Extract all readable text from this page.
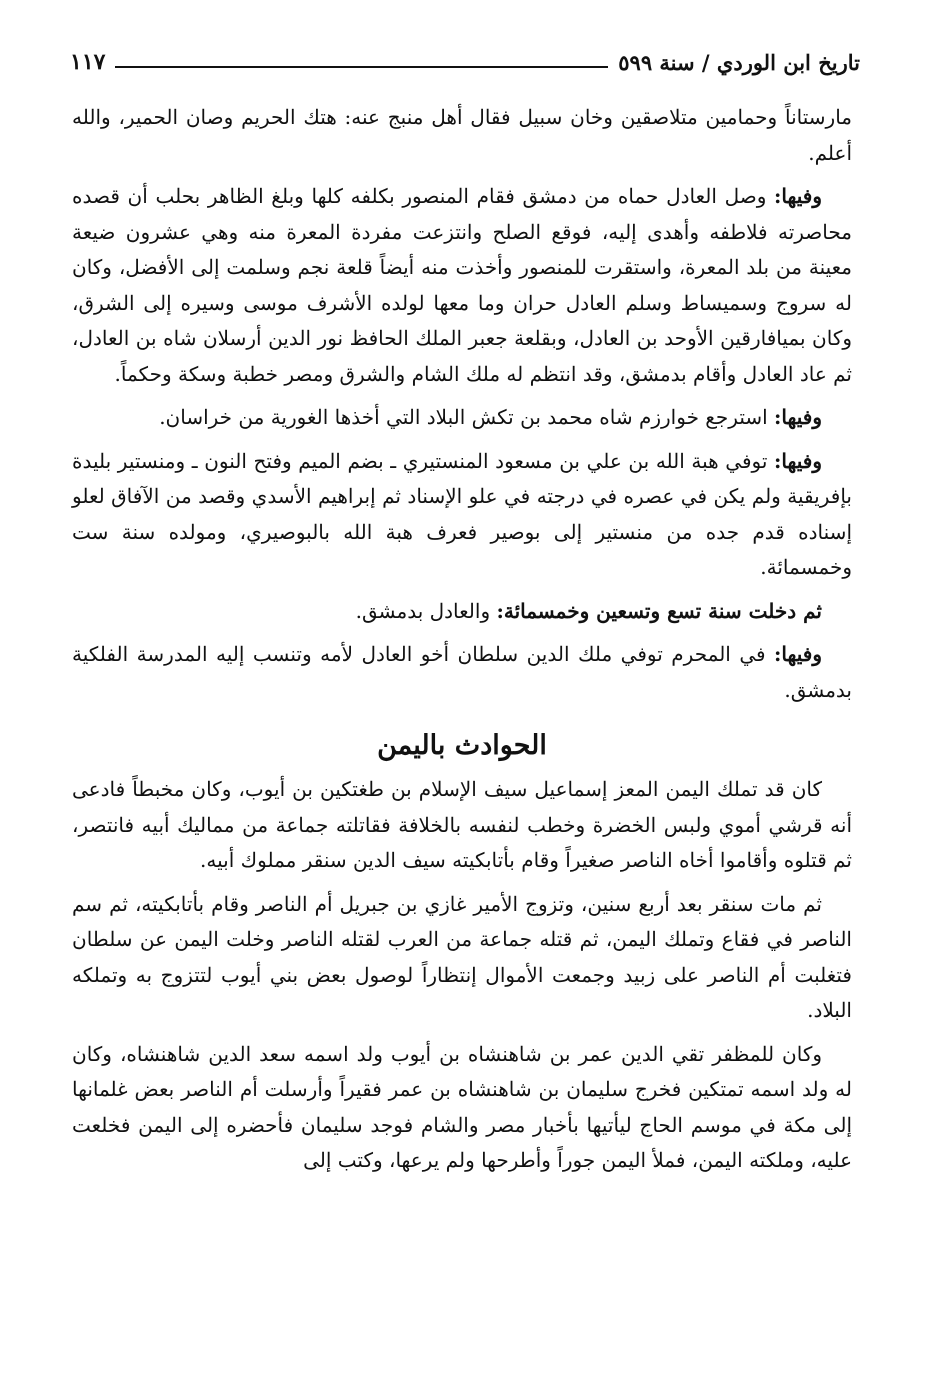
تاريخ ابن الوردي / سنة ٥٩٩
١١٧

مارستاناً وحمامين متلاصقين وخان سبيل فقال أهل منبج عنه: هتك الحريم وصان الحمير، والله أعلم.

وفيها: وصل العادل حماه من دمشق فقام المنصور بكلفه كلها وبلغ الظاهر بحلب أن قصده محاصرته فلاطفه وأهدى إليه، فوقع الصلح وانتزعت مفردة المعرة منه وهي عشرون ضيعة معينة من بلد المعرة، واستقرت للمنصور وأخذت منه أيضاً قلعة نجم وسلمت إلى الأفضل، وكان له سروج وسميساط وسلم العادل حران وما معها لولده الأشرف موسى وسيره إلى الشرق، وكان بميافارقين الأوحد بن العادل، وبقلعة جعبر الملك الحافظ نور الدين أرسلان شاه بن العادل، ثم عاد العادل وأقام بدمشق، وقد انتظم له ملك الشام والشرق ومصر خطبة وسكة وحكماً.

وفيها: استرجع خوارزم شاه محمد بن تكش البلاد التي أخذها الغورية من خراسان.

وفيها: توفي هبة الله بن علي بن مسعود المنستيري ـ بضم الميم وفتح النون ـ ومنستير بليدة بإفريقية ولم يكن في عصره في درجته في علو الإسناد ثم إبراهيم الأسدي وقصد من الآفاق لعلو إسناده قدم جده من منستير إلى بوصير فعرف هبة الله بالبوصيري، ومولده سنة ست وخمسمائة.

ثم دخلت سنة تسع وتسعين وخمسمائة: والعادل بدمشق.

وفيها: في المحرم توفي ملك الدين سلطان أخو العادل لأمه وتنسب إليه المدرسة الفلكية بدمشق.

الحوادث باليمن

كان قد تملك اليمن المعز إسماعيل سيف الإسلام بن طغتكين بن أيوب، وكان مخبطاً فادعى أنه قرشي أموي ولبس الخضرة وخطب لنفسه بالخلافة فقاتلته جماعة من مماليك أبيه فانتصر، ثم قتلوه وأقاموا أخاه الناصر صغيراً وقام بأتابكيته سيف الدين سنقر مملوك أبيه.

ثم مات سنقر بعد أربع سنين، وتزوج الأمير غازي بن جبريل أم الناصر وقام بأتابكيته، ثم سم الناصر في فقاع وتملك اليمن، ثم قتله جماعة من العرب لقتله الناصر وخلت اليمن عن سلطان فتغلبت أم الناصر على زبيد وجمعت الأموال إنتظاراً لوصول بعض بني أيوب لتتزوج به وتملكه البلاد.

وكان للمظفر تقي الدين عمر بن شاهنشاه بن أيوب ولد اسمه سعد الدين شاهنشاه، وكان له ولد اسمه تمتكين فخرج سليمان بن شاهنشاه بن عمر فقيراً وأرسلت أم الناصر بعض غلمانها إلى مكة في موسم الحاج ليأتيها بأخبار مصر والشام فوجد سليمان فأحضره إلى اليمن فخلعت عليه، وملكته اليمن، فملأ اليمن جوراً وأطرحها ولم يرعها، وكتب إلى
